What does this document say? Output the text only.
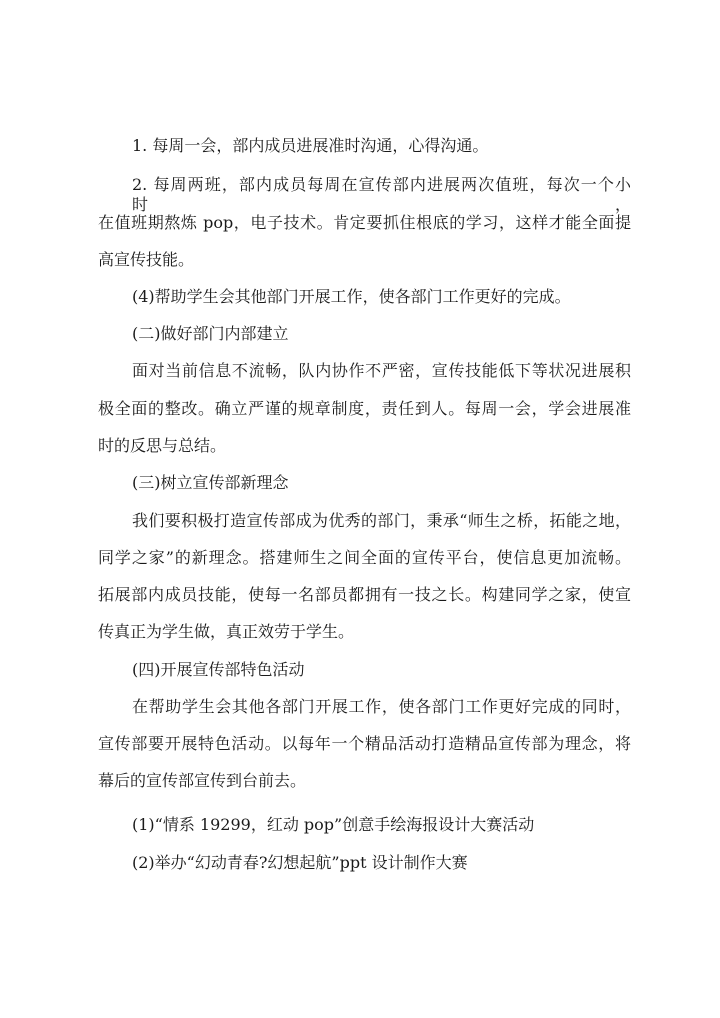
1. 每周一会，部内成员进展准时沟通，心得沟通。
2. 每周两班，部内成员每周在宣传部内进展两次值班，每次一个小时，
在值班期熬炼 pop，电子技术。肯定要抓住根底的学习，这样才能全面提
高宣传技能。
(4)帮助学生会其他部门开展工作，使各部门工作更好的完成。
(二)做好部门内部建立
面对当前信息不流畅，队内协作不严密，宣传技能低下等状况进展积
极全面的整改。确立严谨的规章制度，责任到人。每周一会，学会进展准
时的反思与总结。
(三)树立宣传部新理念
我们要积极打造宣传部成为优秀的部门，秉承“师生之桥，拓能之地，
同学之家”的新理念。搭建师生之间全面的宣传平台，使信息更加流畅。
拓展部内成员技能，使每一名部员都拥有一技之长。构建同学之家，使宣
传真正为学生做，真正效劳于学生。
(四)开展宣传部特色活动
在帮助学生会其他各部门开展工作，使各部门工作更好完成的同时，
宣传部要开展特色活动。以每年一个精品活动打造精品宣传部为理念，将
幕后的宣传部宣传到台前去。
(1)“情系 19299，红动 pop”创意手绘海报设计大赛活动
(2)举办“幻动青春?幻想起航”ppt 设计制作大赛
